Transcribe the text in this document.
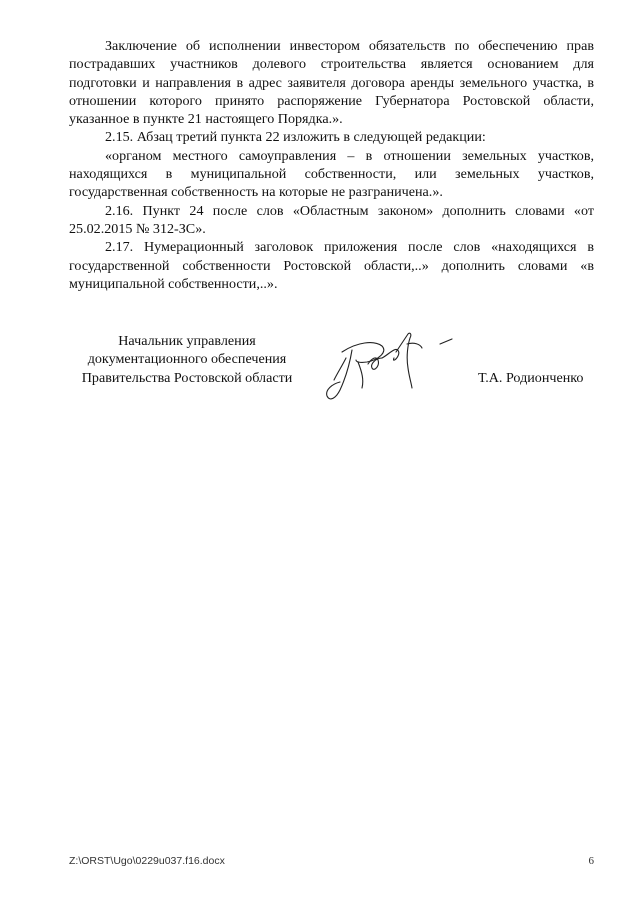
Заключение об исполнении инвестором обязательств по обеспечению прав пострадавших участников долевого строительства является основанием для подготовки и направления в адрес заявителя договора аренды земельного участка, в отношении которого принято распоряжение Губернатора Ростовской области, указанное в пункте 21 настоящего Порядка.».

2.15. Абзац третий пункта 22 изложить в следующей редакции:

«органом местного самоуправления – в отношении земельных участков, находящихся в муниципальной собственности, или земельных участков, государственная собственность на которые не разграничена.».

2.16. Пункт 24 после слов «Областным законом» дополнить словами «от 25.02.2015 № 312-ЗС».

2.17. Нумерационный заголовок приложения после слов «находящихся в государственной собственности Ростовской области,..» дополнить словами «в муниципальной собственности,..».

Начальник управления
документационного обеспечения
Правительства Ростовской области	Т.А. Родионченко
Z:\ORST\Ugo\0229u037.f16.docx	6
